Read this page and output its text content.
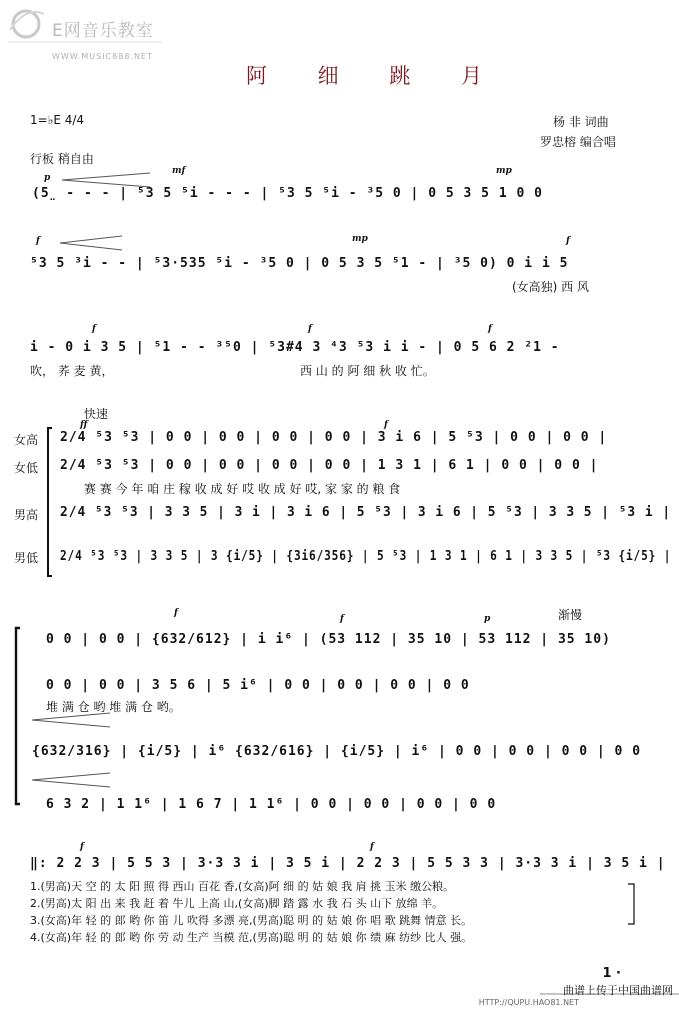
E网音乐教室
WWW.MUSIC888.NET
阿 细 跳 月
1=♭E 4/4	杨 非 词曲
罗忠榕 编合唱
行板 稍自由
p
mf	mp
(5̤ ‑ ‑ ‑ | ⁵3 5 ⁵i ‑ ‑ ‑ | ⁵3 5 ⁵i ‑ ³5 0 | 0 5 3 5 1 0 0
f	mp	f
⁵3 5 ³i ‑ ‑ | ⁵3·535 ⁵i ‑ ³5 0 | 0 5 3 5 ⁵1 ‑ | ³5 0) 0 i i 5
(女高独) 西 风
f	f	f
i ‑ 0 i 3 5 | ⁵1 ‑ ‑ ³⁵0 | ⁵3#4 3 ⁴3 ⁵3 i i ‑ | 0 5 6 2 ²1 ‑
吹， 荞 麦 黄，	西 山 的 阿 细 秋 收 忙。
快速
ff	f
女高 2/4 ⁵3 ⁵3 | 0 0 | 0 0 | 0 0 | 0 0 | 3 i 6 | 5 ⁵3 | 0 0 | 0 0 |
女低 2/4 ⁵3 ⁵3 | 0 0 | 0 0 | 0 0 | 0 0 | 1 3 1 | 6 1 | 0 0 | 0 0 |
赛 赛 今 年 咱 庄 稼 收 成 好 哎 收 成 好 哎, 家 家 的 粮 食
男高 2/4 ⁵3 ⁵3 | 3 3 5 | 3 i | 3 i 6 | 5 ⁵3 | 3 i 6 | 5 ⁵3 | 3 3 5 | ⁵3 i |
男低 2/4 ⁵3 ⁵3 | 3 3 5 | 3 {i/5} | {3i6/356} | 5 ⁵3 | 1 3 1 | 6 1 | 3 3 5 | ⁵3 {i/5} |
渐慢
f
f	p
0 0 | 0 0 | {632/612} | i i⁶ | (53 112 | 35 10 | 53 112 | 35 10)
0 0 | 0 0 | 3 5 6 | 5 i⁶ | 0 0 | 0 0 | 0 0 | 0 0
堆 满 仓 哟 堆 满 仓 哟。
{632/316} | {i/5} | i⁶ {632/616} | {i/5} | i⁶ | 0 0 | 0 0 | 0 0 | 0 0
6 3 2 | 1 1⁶ | 1 6 7 | 1 1⁶ | 0 0 | 0 0 | 0 0 | 0 0
f	f
‖: 2 2 3 | 5 5 3 | 3·3 3 i | 3 5 i | 2 2 3 | 5 5 3 3 | 3·3 3 i | 3 5 i |
1.(男高)天 空 的 太 阳 照 得 西山 百花 香,(女高)阿 细 的 姑 娘 我 肩 挑 玉米 缴公粮。
2.(男高)太 阳 出 来 我 赶 着 牛儿 上高 山,(女高)脚 踏 露 水 我 石 头 山下 放绵 羊。
3.(女高)年 轻 的 郎 哟 你 笛 儿 吹得 多漂 亮,(男高)聪 明 的 姑 娘 你 唱 歌 跳舞 情意 长。
4.(女高)年 轻 的 郎 哟 你 劳 动 生产 当模 范,(男高)聪 明 的 姑 娘 你 绩 麻 纺纱 比人 强。
1 ·
曲谱上传于中国曲谱网
HTTP://QUPU.HAO81.NET
